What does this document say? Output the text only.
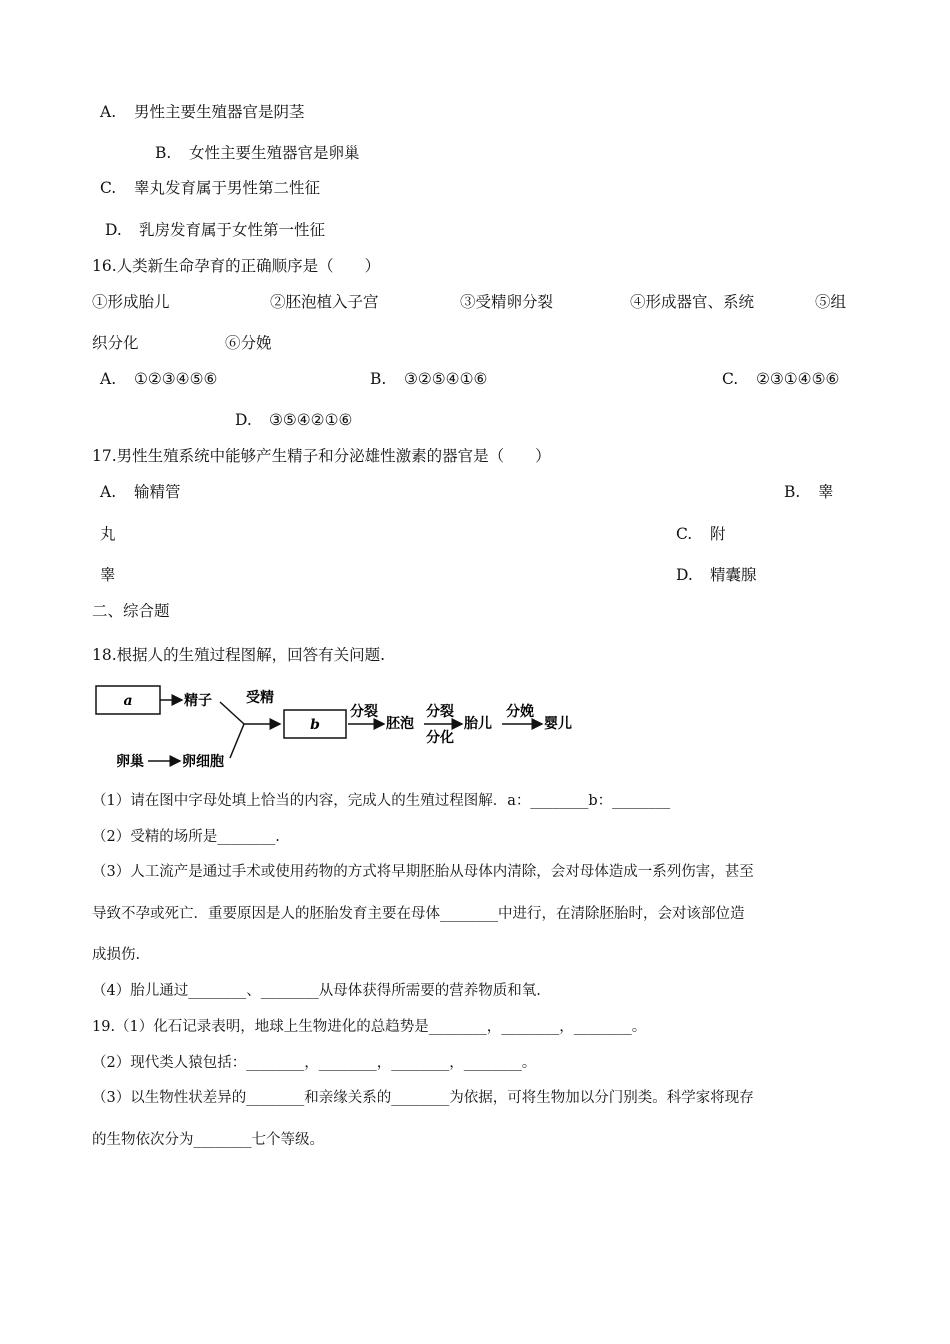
A. 男性主要生殖器官是阴茎
B. 女性主要生殖器官是卵巢
C. 睾丸发育属于男性第二性征
D. 乳房发育属于女性第一性征
16.人类新生命孕育的正确顺序是（　　）
①形成胎儿	②胚泡植入子宫	③受精卵分裂	④形成器官、系统	⑤组
织分化	⑥分娩
A. ①②③④⑤⑥	B. ③②⑤④①⑥	C. ②③①④⑤⑥
D. ③⑤④②①⑥
17.男性生殖系统中能够产生精子和分泌雄性激素的器官是（　　）
A. 输精管	B. 睾
丸	C. 附
睾	D. 精囊腺
二、综合题
18.根据人的生殖过程图解，回答有关问题.
a	精子
卵巢	卵细胞
受精
b
分裂
胚泡
分裂
分化
胎儿
分娩
婴儿
（1）请在图中字母处填上恰当的内容，完成人的生殖过程图解．a：________b：________
（2）受精的场所是________.
（3）人工流产是通过手术或使用药物的方式将早期胚胎从母体内清除，会对母体造成一系列伤害，甚至
导致不孕或死亡．重要原因是人的胚胎发育主要在母体________中进行，在清除胚胎时，会对该部位造
成损伤.
（4）胎儿通过________、________从母体获得所需要的营养物质和氧.
19.（1）化石记录表明，地球上生物进化的总趋势是________，________，________。
（2）现代类人猿包括：________，________，________，________。
（3）以生物性状差异的________和亲缘关系的________为依据，可将生物加以分门别类。科学家将现存
的生物依次分为________七个等级。
